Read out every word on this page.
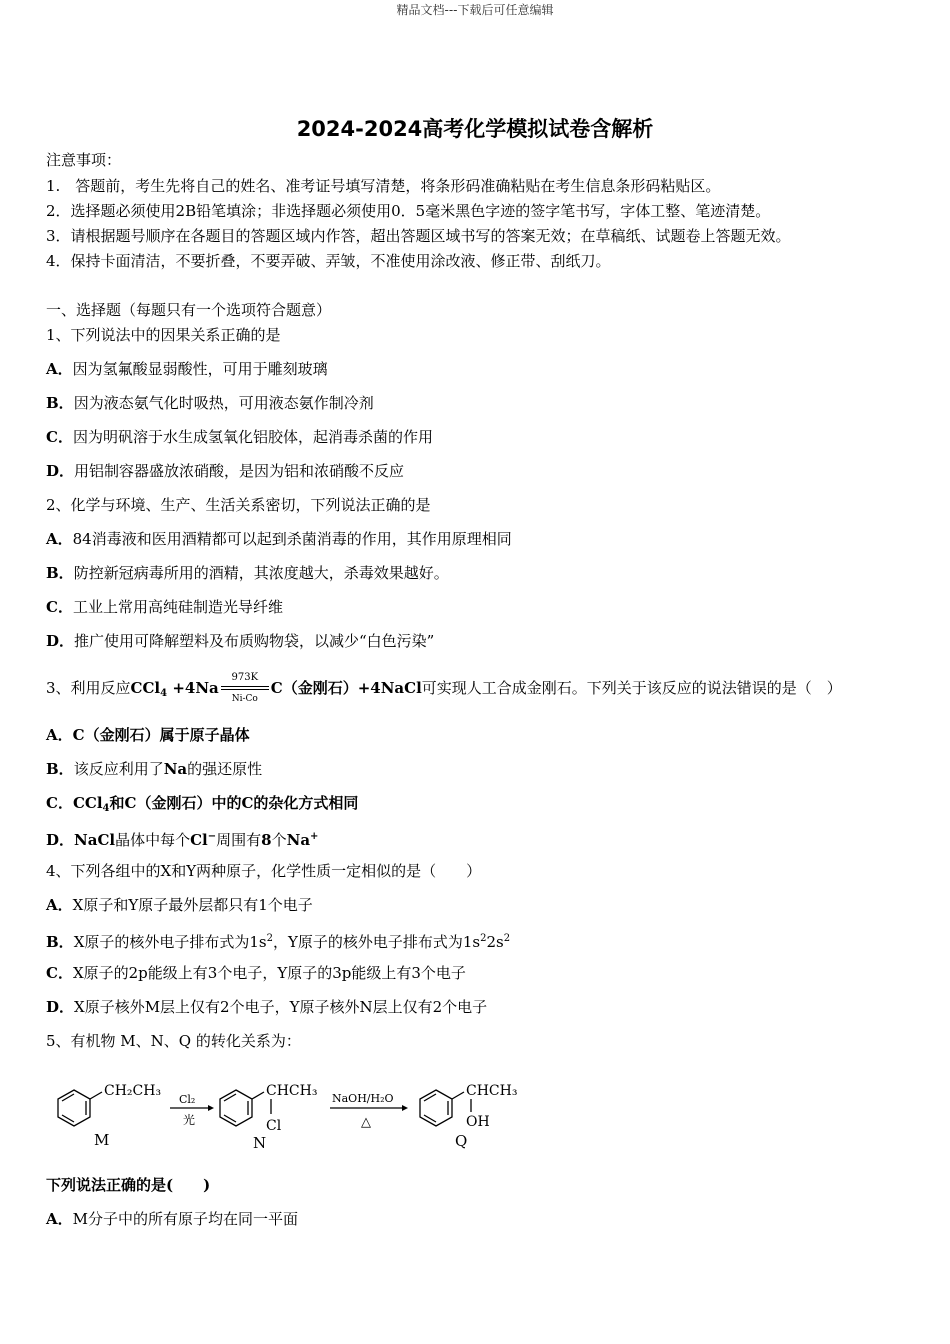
精品文档---下载后可任意编辑
2024-2024高考化学模拟试卷含解析
注意事项：
1.　答题前，考生先将自己的姓名、准考证号填写清楚，将条形码准确粘贴在考生信息条形码粘贴区。
2．选择题必须使用2B铅笔填涂；非选择题必须使用0．5毫米黑色字迹的签字笔书写，字体工整、笔迹清楚。
3．请根据题号顺序在各题目的答题区域内作答，超出答题区域书写的答案无效；在草稿纸、试题卷上答题无效。
4．保持卡面清洁，不要折叠，不要弄破、弄皱，不准使用涂改液、修正带、刮纸刀。
一、选择题（每题只有一个选项符合题意）
1、下列说法中的因果关系正确的是
A．因为氢氟酸显弱酸性，可用于雕刻玻璃
B．因为液态氨气化时吸热，可用液态氨作制冷剂
C．因为明矾溶于水生成氢氧化铝胶体，起消毒杀菌的作用
D．用铝制容器盛放浓硝酸，是因为铝和浓硝酸不反应
2、化学与环境、生产、生活关系密切，下列说法正确的是
A．84消毒液和医用酒精都可以起到杀菌消毒的作用，其作用原理相同
B．防控新冠病毒所用的酒精，其浓度越大，杀毒效果越好。
C．工业上常用高纯硅制造光导纤维
D．推广使用可降解塑料及布质购物袋，以减少“白色污染”
3、利用反应$CCl_4 +4Na \frac{973K}{Ni-Co} C$（金刚石）+4NaCl可实现人工合成金刚石。下列关于该反应的说法错误的是（　）
A．C（金刚石）属于原子晶体
B．该反应利用了Na的强还原性
C．CCl$_4$和C（金刚石）中的C的杂化方式相同
D．NaCl晶体中每个Cl−周围有8个Na+
4、下列各组中的X和Y两种原子，化学性质一定相似的是（　　）
A．X原子和Y原子最外层都只有1个电子
B．X原子的核外电子排布式为$1s^2$，Y原子的核外电子排布式为$1s^22s^2$
C．X原子的2p能级上有3个电子，Y原子的3p能级上有3个电子
D．X原子核外M层上仅有2个电子，Y原子核外N层上仅有2个电子
5、有机物 M、N、Q 的转化关系为：
CH₂CH₃
M
Cl₂
光
CHCH₃
Cl
N
NaOH/H₂O
△
CHCH₃
OH
Q
下列说法正确的是(　　)
A．M分子中的所有原子均在同一平面
